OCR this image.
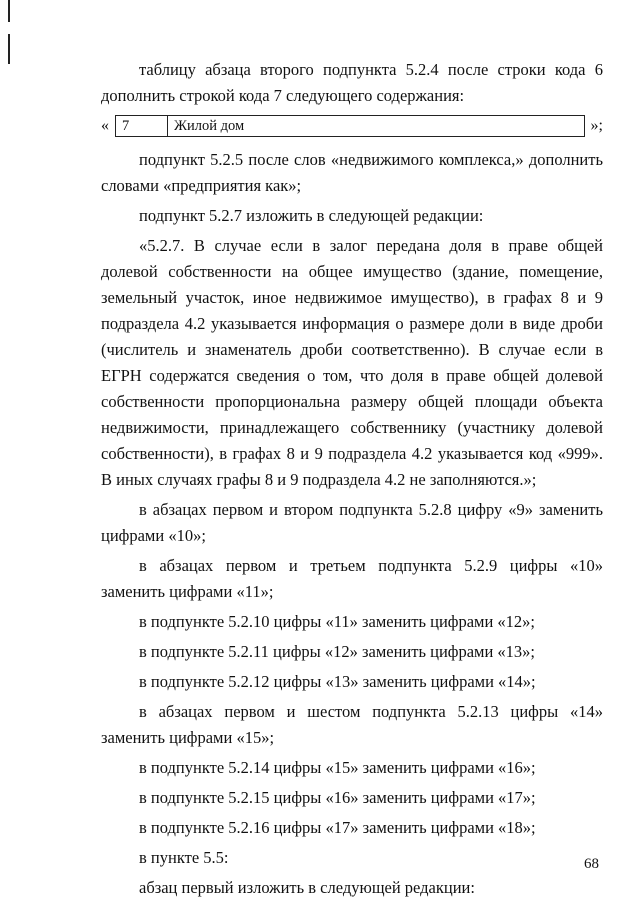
таблицу абзаца второго подпункта 5.2.4 после строки кода 6 дополнить строкой кода 7 следующего содержания:

« 7	Жилой дом	»;

подпункт 5.2.5 после слов «недвижимого комплекса,» дополнить словами «предприятия как»;

подпункт 5.2.7 изложить в следующей редакции:

«5.2.7. В случае если в залог передана доля в праве общей долевой собственности на общее имущество (здание, помещение, земельный участок, иное недвижимое имущество), в графах 8 и 9 подраздела 4.2 указывается информация о размере доли в виде дроби (числитель и знаменатель дроби соответственно). В случае если в ЕГРН содержатся сведения о том, что доля в праве общей долевой собственности пропорциональна размеру общей площади объекта недвижимости, принадлежащего собственнику (участнику долевой собственности), в графах 8 и 9 подраздела 4.2 указывается код «999». В иных случаях графы 8 и 9 подраздела 4.2 не заполняются.»;

в абзацах первом и втором подпункта 5.2.8 цифру «9» заменить цифрами «10»;

в абзацах первом и третьем подпункта 5.2.9 цифры «10» заменить цифрами «11»;

в подпункте 5.2.10 цифры «11» заменить цифрами «12»;

в подпункте 5.2.11 цифры «12» заменить цифрами «13»;

в подпункте 5.2.12 цифры «13» заменить цифрами «14»;

в абзацах первом и шестом подпункта 5.2.13 цифры «14» заменить цифрами «15»;

в подпункте 5.2.14 цифры «15» заменить цифрами «16»;

в подпункте 5.2.15 цифры «16» заменить цифрами «17»;

в подпункте 5.2.16 цифры «17» заменить цифрами «18»;

в пункте 5.5:

абзац первый изложить в следующей редакции:

68
